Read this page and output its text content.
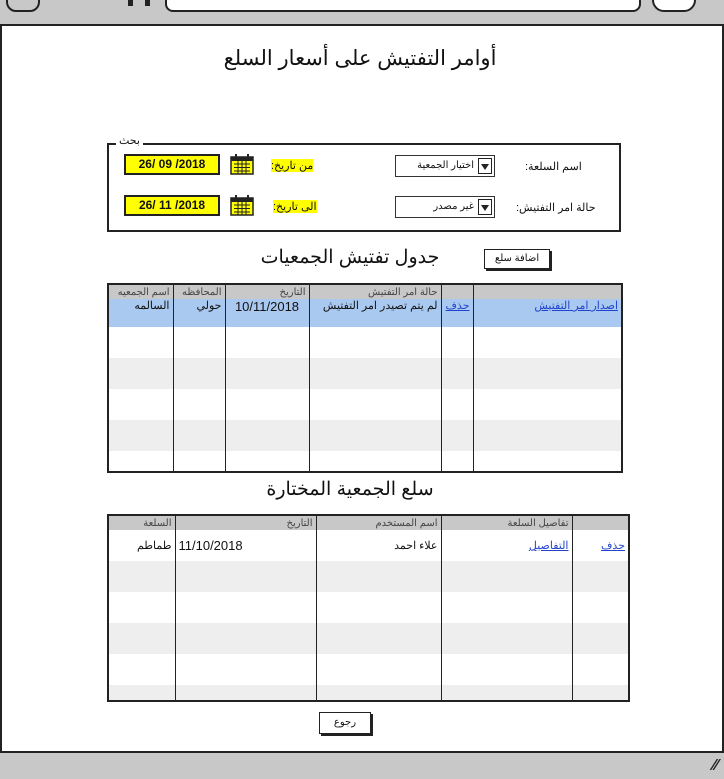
⁄⁄
أوامر التفتيش على أسعار السلع
بحث
26/ 09 /2018	من تاريخ:
26/ 11 /2018	الى تاريخ:
اختيار الجمعية	اسم السلعة:
غير مصدر	حالة امر التفتيش:
جدول تفتيش الجمعيات	اضافة سلع
اسم الجمعيه	المحافظه	التاريخ	حالة امر التفتيش		
السالمه	حولي	10/11/2018	لم يتم تصيدر امر التفتيش	حذف	اصدار امر التفتيش

سلع الجمعية المختارة
السلعة	التاريخ	اسم المستخدم	تفاصيل السلعة	
طماطم	11/10/2018	علاء احمد	التفاصيل	حذف

رجوع
